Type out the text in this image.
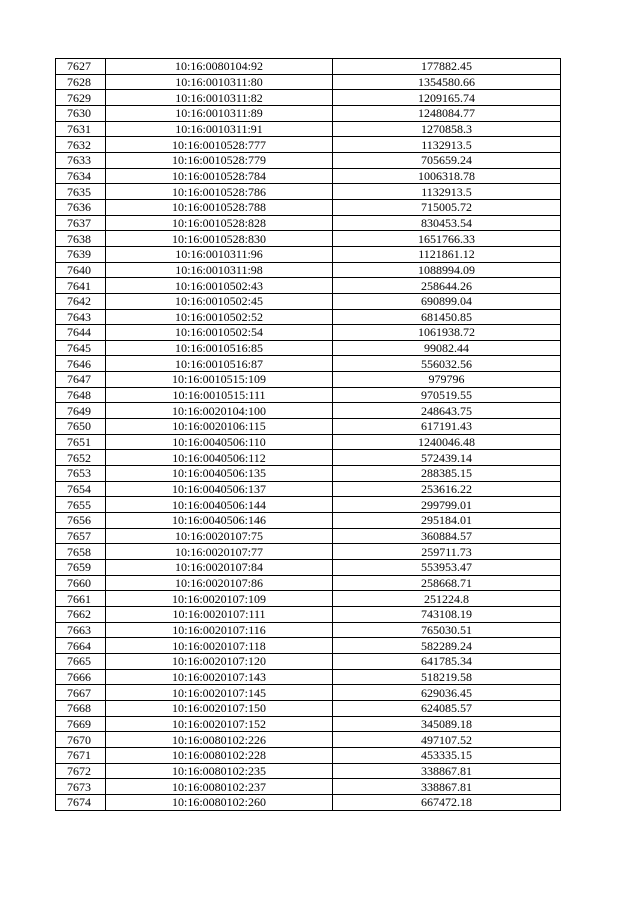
7627	10:16:0080104:92	177882.45
7628	10:16:0010311:80	1354580.66
7629	10:16:0010311:82	1209165.74
7630	10:16:0010311:89	1248084.77
7631	10:16:0010311:91	1270858.3
7632	10:16:0010528:777	1132913.5
7633	10:16:0010528:779	705659.24
7634	10:16:0010528:784	1006318.78
7635	10:16:0010528:786	1132913.5
7636	10:16:0010528:788	715005.72
7637	10:16:0010528:828	830453.54
7638	10:16:0010528:830	1651766.33
7639	10:16:0010311:96	1121861.12
7640	10:16:0010311:98	1088994.09
7641	10:16:0010502:43	258644.26
7642	10:16:0010502:45	690899.04
7643	10:16:0010502:52	681450.85
7644	10:16:0010502:54	1061938.72
7645	10:16:0010516:85	99082.44
7646	10:16:0010516:87	556032.56
7647	10:16:0010515:109	979796
7648	10:16:0010515:111	970519.55
7649	10:16:0020104:100	248643.75
7650	10:16:0020106:115	617191.43
7651	10:16:0040506:110	1240046.48
7652	10:16:0040506:112	572439.14
7653	10:16:0040506:135	288385.15
7654	10:16:0040506:137	253616.22
7655	10:16:0040506:144	299799.01
7656	10:16:0040506:146	295184.01
7657	10:16:0020107:75	360884.57
7658	10:16:0020107:77	259711.73
7659	10:16:0020107:84	553953.47
7660	10:16:0020107:86	258668.71
7661	10:16:0020107:109	251224.8
7662	10:16:0020107:111	743108.19
7663	10:16:0020107:116	765030.51
7664	10:16:0020107:118	582289.24
7665	10:16:0020107:120	641785.34
7666	10:16:0020107:143	518219.58
7667	10:16:0020107:145	629036.45
7668	10:16:0020107:150	624085.57
7669	10:16:0020107:152	345089.18
7670	10:16:0080102:226	497107.52
7671	10:16:0080102:228	453335.15
7672	10:16:0080102:235	338867.81
7673	10:16:0080102:237	338867.81
7674	10:16:0080102:260	667472.18
